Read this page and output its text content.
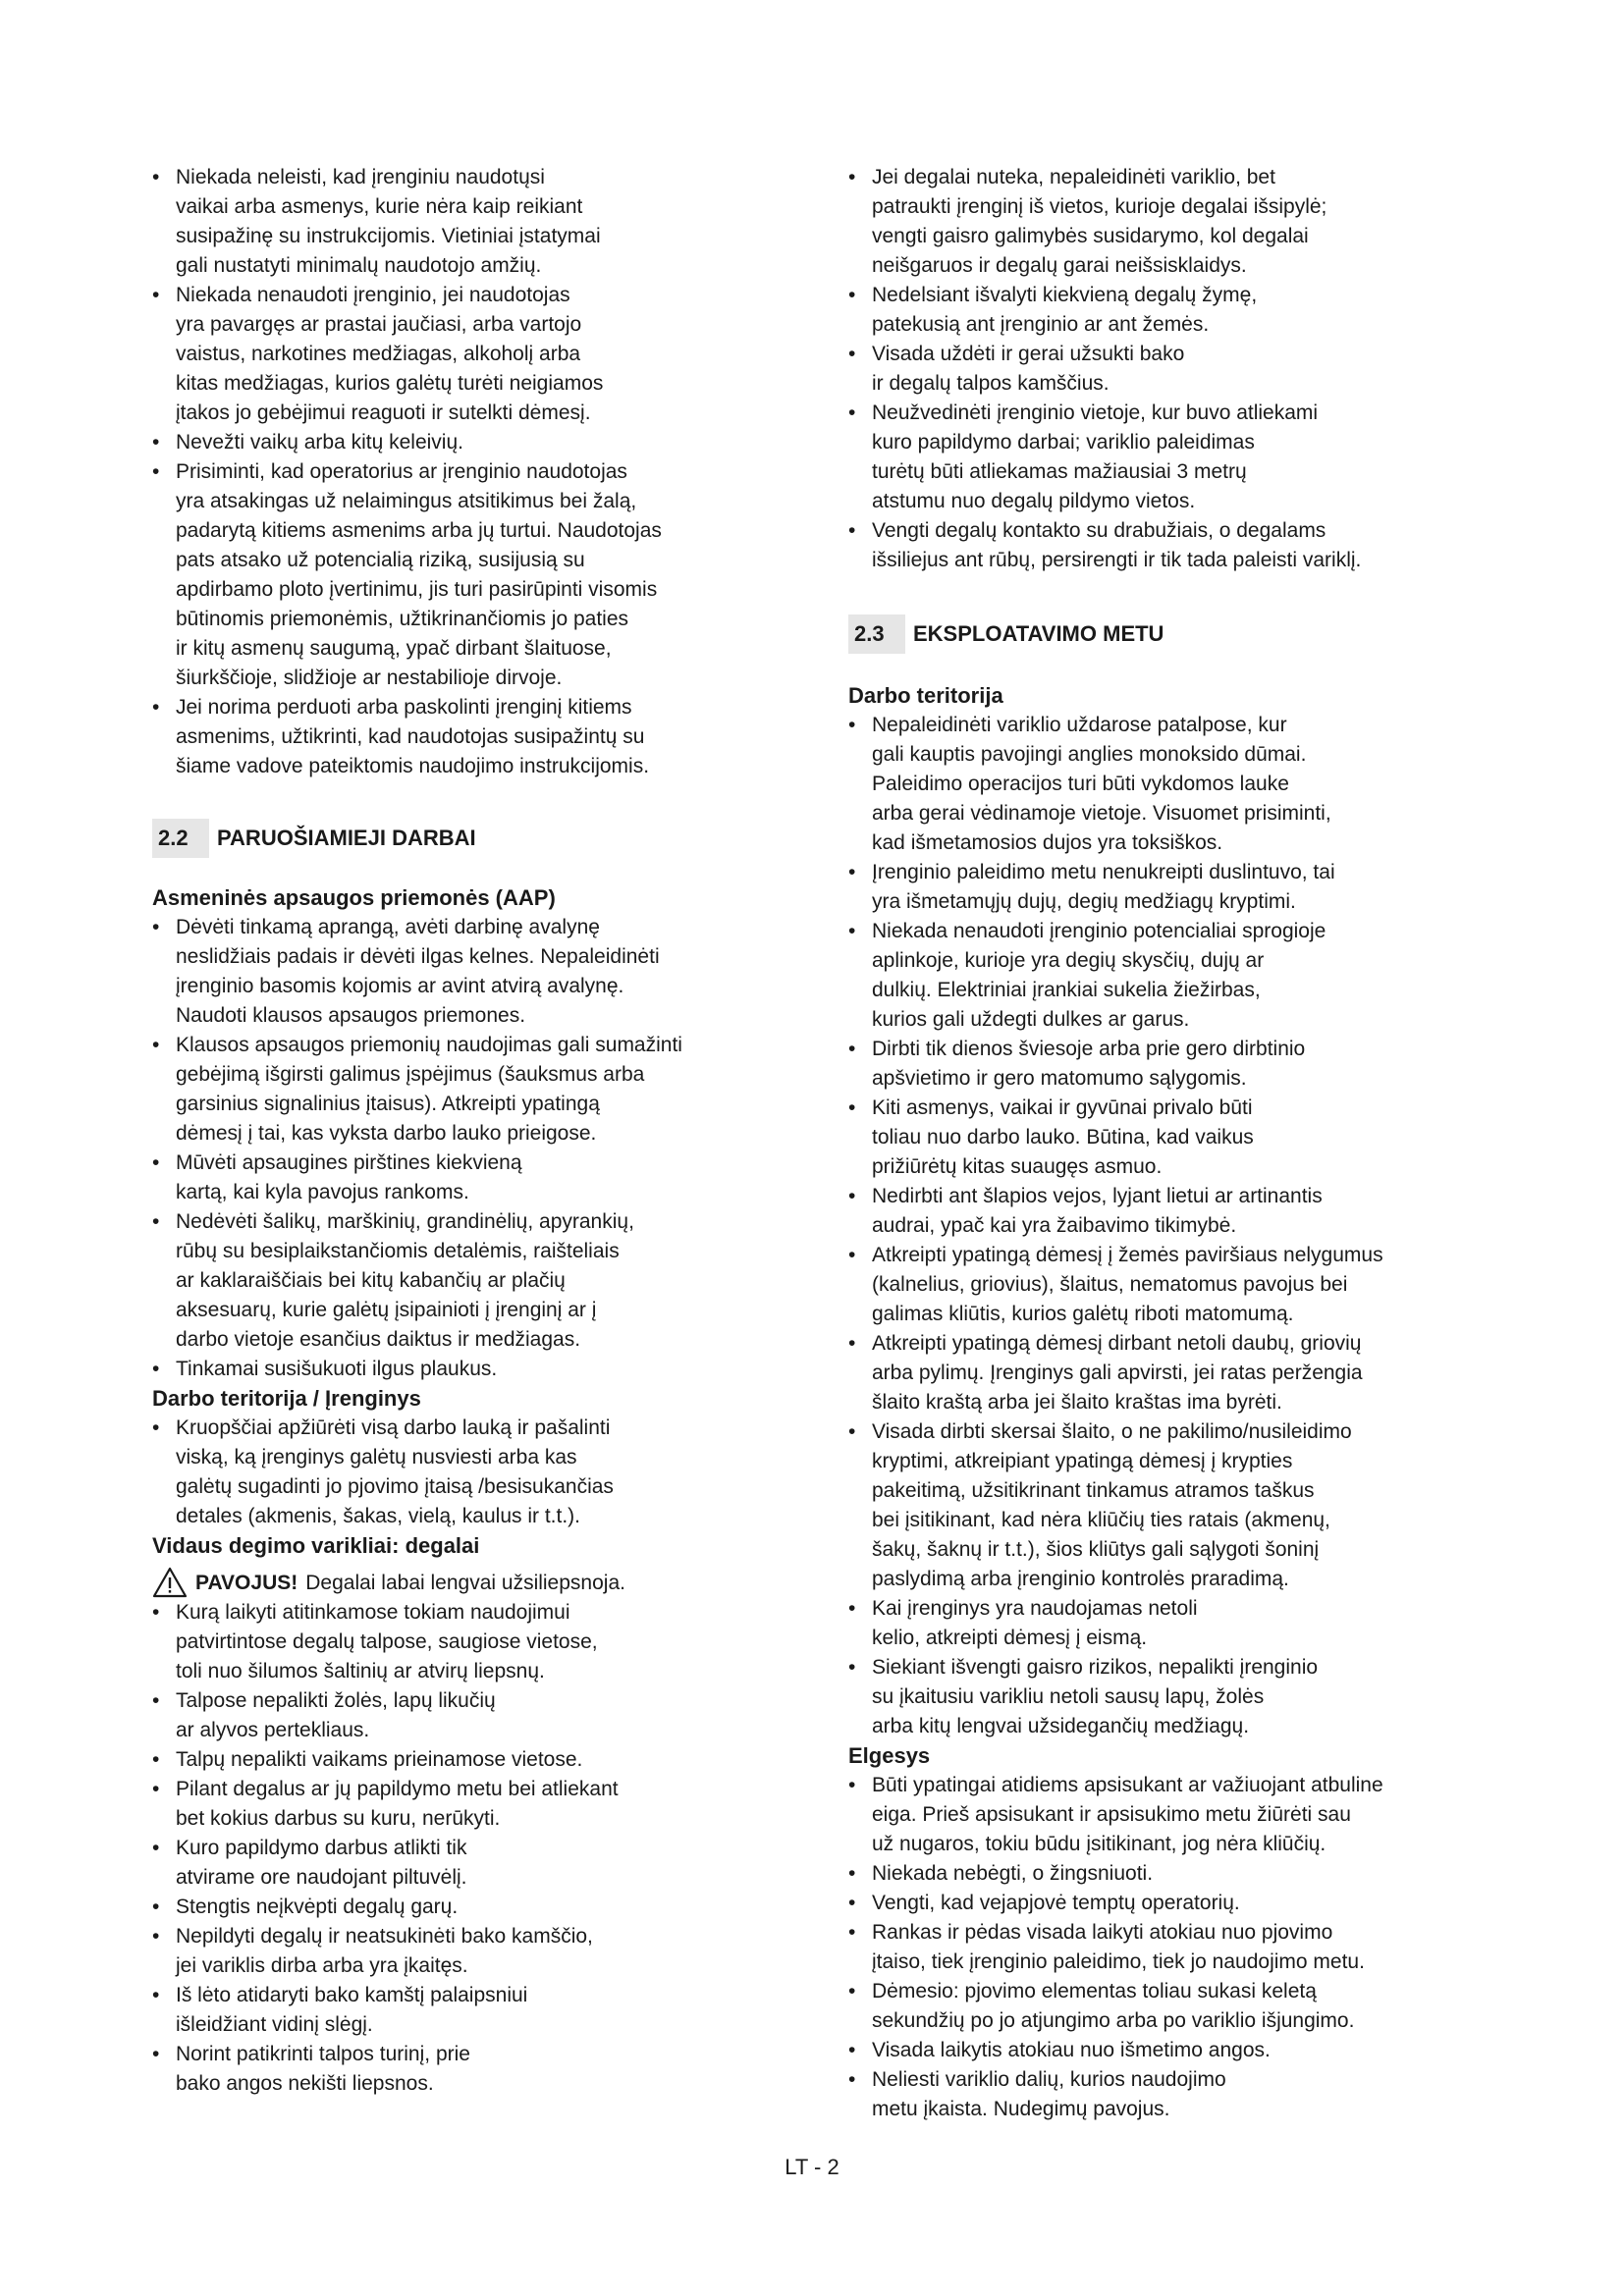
• Niekada neleisti, kad įrenginiu naudotųsi

vaikai arba asmenys, kurie nėra kaip reikiant

susipažinę su instrukcijomis. Vietiniai įstatymai

gali nustatyti minimalų naudotojo amžių.

• Niekada nenaudoti įrenginio, jei naudotojas

yra pavargęs ar prastai jaučiasi, arba vartojo

vaistus, narkotines medžiagas, alkoholį arba

kitas medžiagas, kurios galėtų turėti neigiamos

įtakos jo gebėjimui reaguoti ir sutelkti dėmesį.

• Nevežti vaikų arba kitų keleivių.

• Prisiminti, kad operatorius ar įrenginio naudotojas

yra atsakingas už nelaimingus atsitikimus bei žalą,

padarytą kitiems asmenims arba jų turtui. Naudotojas

pats atsako už potencialią riziką, susijusią su

apdirbamo ploto įvertinimu, jis turi pasirūpinti visomis

būtinomis priemonėmis, užtikrinančiomis jo paties

ir kitų asmenų saugumą, ypač dirbant šlaituose,

šiurkščioje, slidžioje ar nestabilioje dirvoje.

• Jei norima perduoti arba paskolinti įrenginį kitiems

asmenims, užtikrinti, kad naudotojas susipažintų su

šiame vadove pateiktomis naudojimo instrukcijomis.

2.2	PARUOŠIAMIEJI DARBAI
Asmeninės apsaugos priemonės (AAP)

• Dėvėti tinkamą aprangą, avėti darbinę avalynę

neslidžiais padais ir dėvėti ilgas kelnes. Nepaleidinėti

įrenginio basomis kojomis ar avint atvirą avalynę.

Naudoti klausos apsaugos priemones.

• Klausos apsaugos priemonių naudojimas gali sumažinti

gebėjimą išgirsti galimus įspėjimus (šauksmus arba

garsinius signalinius įtaisus). Atkreipti ypatingą

dėmesį į tai, kas vyksta darbo lauko prieigose.

• Mūvėti apsaugines pirštines kiekvieną

kartą, kai kyla pavojus rankoms.

• Nedėvėti šalikų, marškinių, grandinėlių, apyrankių,

rūbų su besiplaikstančiomis detalėmis, raišteliais

ar kaklaraiščiais bei kitų kabančių ar plačių

aksesuarų, kurie galėtų įsipainioti į įrenginį ar į

darbo vietoje esančius daiktus ir medžiagas.

• Tinkamai susišukuoti ilgus plaukus.

Darbo teritorija / Įrenginys

• Kruopščiai apžiūrėti visą darbo lauką ir pašalinti

viską, ką įrenginys galėtų nusviesti arba kas

galėtų sugadinti jo pjovimo įtaisą /besisukančias

detales (akmenis, šakas, vielą, kaulus ir t.t.).

Vidaus degimo varikliai: degalai

PAVOJUS! Degalai labai lengvai užsiliepsnoja.

• Kurą laikyti atitinkamose tokiam naudojimui

patvirtintose degalų talpose, saugiose vietose,

toli nuo šilumos šaltinių ar atvirų liepsnų.

• Talpose nepalikti žolės, lapų likučių

ar alyvos pertekliaus.

• Talpų nepalikti vaikams prieinamose vietose.

• Pilant degalus ar jų papildymo metu bei atliekant

bet kokius darbus su kuru, nerūkyti.

• Kuro papildymo darbus atlikti tik

atvirame ore naudojant piltuvėlį.

• Stengtis neįkvėpti degalų garų.

• Nepildyti degalų ir neatsukinėti bako kamščio,

jei variklis dirba arba yra įkaitęs.

• Iš lėto atidaryti bako kamštį palaipsniui

išleidžiant vidinį slėgį.

• Norint patikrinti talpos turinį, prie

bako angos nekišti liepsnos.

• Jei degalai nuteka, nepaleidinėti variklio, bet

patraukti įrenginį iš vietos, kurioje degalai išsipylė;

vengti gaisro galimybės susidarymo, kol degalai

neišgaruos ir degalų garai neišsisklaidys.

• Nedelsiant išvalyti kiekvieną degalų žymę,

patekusią ant įrenginio ar ant žemės.

• Visada uždėti ir gerai užsukti bako

ir degalų talpos kamščius.

• Neužvedinėti įrenginio vietoje, kur buvo atliekami

kuro papildymo darbai; variklio paleidimas

turėtų būti atliekamas mažiausiai 3 metrų

atstumu nuo degalų pildymo vietos.

• Vengti degalų kontakto su drabužiais, o degalams

išsiliejus ant rūbų, persirengti ir tik tada paleisti variklį.

2.3	EKSPLOATAVIMO METU
Darbo teritorija

• Nepaleidinėti variklio uždarose patalpose, kur

gali kauptis pavojingi anglies monoksido dūmai.

Paleidimo operacijos turi būti vykdomos lauke

arba gerai vėdinamoje vietoje. Visuomet prisiminti,

kad išmetamosios dujos yra toksiškos.

• Įrenginio paleidimo metu nenukreipti duslintuvo, tai

yra išmetamųjų dujų, degių medžiagų kryptimi.

• Niekada nenaudoti įrenginio potencialiai sprogioje

aplinkoje, kurioje yra degių skysčių, dujų ar

dulkių. Elektriniai įrankiai sukelia žiežirbas,

kurios gali uždegti dulkes ar garus.

• Dirbti tik dienos šviesoje arba prie gero dirbtinio

apšvietimo ir gero matomumo sąlygomis.

• Kiti asmenys, vaikai ir gyvūnai privalo būti

toliau nuo darbo lauko. Būtina, kad vaikus

prižiūrėtų kitas suaugęs asmuo.

• Nedirbti ant šlapios vejos, lyjant lietui ar artinantis

audrai, ypač kai yra žaibavimo tikimybė.

• Atkreipti ypatingą dėmesį į žemės paviršiaus nelygumus

(kalnelius, griovius), šlaitus, nematomus pavojus bei

galimas kliūtis, kurios galėtų riboti matomumą.

• Atkreipti ypatingą dėmesį dirbant netoli daubų, griovių

arba pylimų. Įrenginys gali apvirsti, jei ratas peržengia

šlaito kraštą arba jei šlaito kraštas ima byrėti.

• Visada dirbti skersai šlaito, o ne pakilimo/nusileidimo

kryptimi, atkreipiant ypatingą dėmesį į krypties

pakeitimą, užsitikrinant tinkamus atramos taškus

bei įsitikinant, kad nėra kliūčių ties ratais (akmenų,

šakų, šaknų ir t.t.), šios kliūtys gali sąlygoti šoninį

paslydimą arba įrenginio kontrolės praradimą.

• Kai įrenginys yra naudojamas netoli

kelio, atkreipti dėmesį į eismą.

• Siekiant išvengti gaisro rizikos, nepalikti įrenginio

su įkaitusiu varikliu netoli sausų lapų, žolės

arba kitų lengvai užsidegančių medžiagų.

Elgesys

• Būti ypatingai atidiems apsisukant ar važiuojant atbuline

eiga. Prieš apsisukant ir apsisukimo metu žiūrėti sau

už nugaros, tokiu būdu įsitikinant, jog nėra kliūčių.

• Niekada nebėgti, o žingsniuoti.

• Vengti, kad vejapjovė temptų operatorių.

• Rankas ir pėdas visada laikyti atokiau nuo pjovimo

įtaiso, tiek įrenginio paleidimo, tiek jo naudojimo metu.

• Dėmesio: pjovimo elementas toliau sukasi keletą

sekundžių po jo atjungimo arba po variklio išjungimo.

• Visada laikytis atokiau nuo išmetimo angos.

• Neliesti variklio dalių, kurios naudojimo

metu įkaista. Nudegimų pavojus.

LT - 2
